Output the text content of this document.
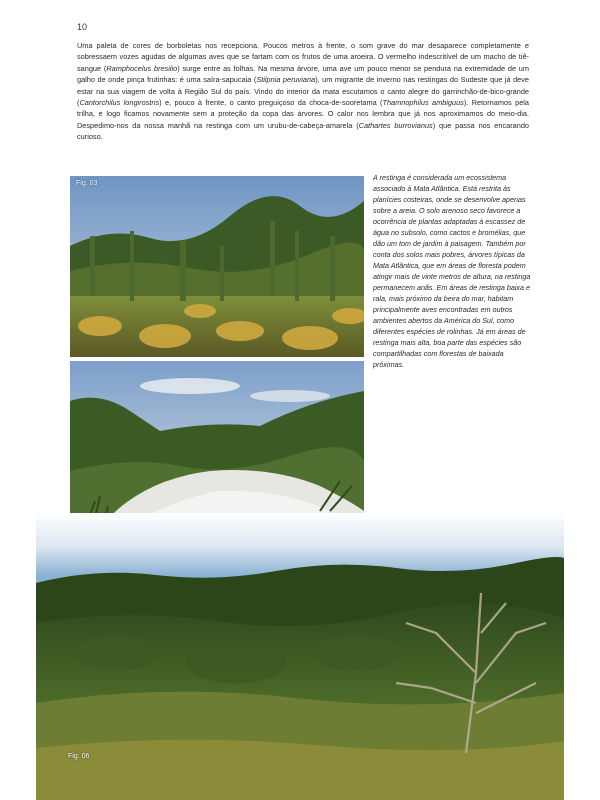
10

Uma paleta de cores de borboletas nos recepciona. Poucos metros à frente, o som grave do mar desaparece completamente e sobressaem vozes agudas de algumas aves que se fartam com os frutos de uma aroeira. O vermelho indescritível de um macho de tiê-sangue (Ramphocelus bresilio) surge entre as folhas. Na mesma árvore, uma ave um pouco menor se pendura na extremidade de um galho de onde pinça frutinhas: é uma saíra-sapucaia (Stilpnia peruviana), um migrante de inverno nas restingas do Sudeste que já deve estar na sua viagem de volta à Região Sul do país. Vindo do interior da mata escutamos o canto alegre do garrinchão-de-bico-grande (Cantorchilus longirostris) e, pouco à frente, o canto preguiçoso da choca-de-sooretama (Thamnophilus ambiguus). Retornamos pela trilha, e logo ficamos novamente sem a proteção da copa das árvores. O calor nos lembra que já nos aproximamos do meio-dia. Despedimo-nos da nossa manhã na restinga com um urubu-de-cabeça-amarela (Cathartes burrovianus) que passa nos encarando curioso.

Fig. 03
Fig. 06

A restinga é considerada um ecossistema associado à Mata Atlântica. Está restrita às planícies costeiras, onde se desenvolve apenas sobre a areia. O solo arenoso seco favorece a ocorrência de plantas adaptadas à escassez de água no subsolo, como cactos e bromélias, que dão um tom de jardim à paisagem. Também por conta dos solos mais pobres, árvores típicas da Mata Atlântica, que em áreas de floresta podem atingir mais de vinte metros de altura, na restinga permanecem anãs. Em áreas de restinga baixa e rala, mais próximo da beira do mar, habitam principalmente aves encontradas em outros ambientes abertos da América do Sul, como diferentes espécies de rolinhas. Já em áreas de restinga mais alta, boa parte das espécies são compartilhadas com florestas de baixada próximas.
